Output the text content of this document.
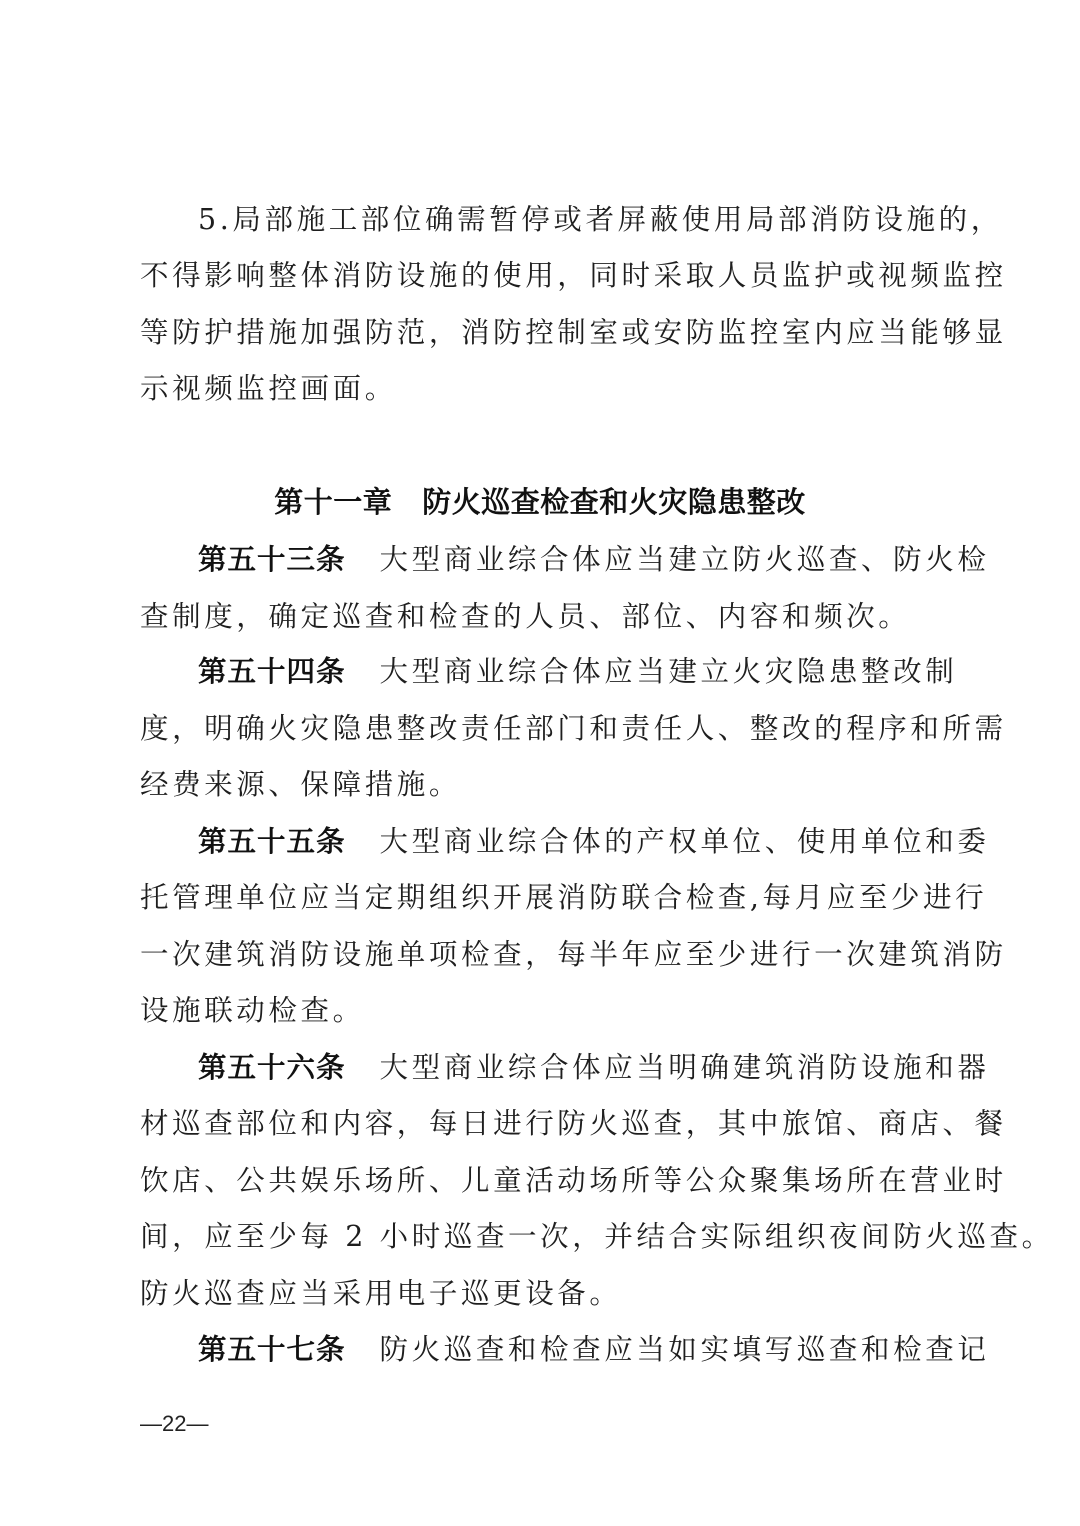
5.局部施工部位确需暂停或者屏蔽使用局部消防设施的，
不得影响整体消防设施的使用，同时采取人员监护或视频监控
等防护措施加强防范，消防控制室或安防监控室内应当能够显
示视频监控画面。
第十一章 防火巡查检查和火灾隐患整改
第五十三条 大型商业综合体应当建立防火巡查、防火检
查制度，确定巡查和检查的人员、部位、内容和频次。
第五十四条 大型商业综合体应当建立火灾隐患整改制
度，明确火灾隐患整改责任部门和责任人、整改的程序和所需
经费来源、保障措施。
第五十五条 大型商业综合体的产权单位、使用单位和委
托管理单位应当定期组织开展消防联合检查,每月应至少进行
一次建筑消防设施单项检查，每半年应至少进行一次建筑消防
设施联动检查。
第五十六条 大型商业综合体应当明确建筑消防设施和器
材巡查部位和内容，每日进行防火巡查，其中旅馆、商店、餐
饮店、公共娱乐场所、儿童活动场所等公众聚集场所在营业时
间，应至少每 2 小时巡查一次，并结合实际组织夜间防火巡查。
防火巡查应当采用电子巡更设备。
第五十七条 防火巡查和检查应当如实填写巡查和检查记
—22—
